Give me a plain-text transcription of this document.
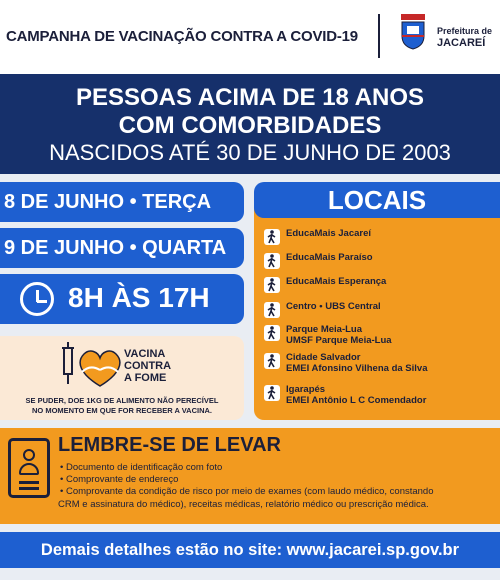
CAMPANHA DE VACINAÇÃO CONTRA A COVID-19	Prefeitura de
JACAREÍ
PESSOAS ACIMA DE 18 ANOS
COM COMORBIDADES
NASCIDOS ATÉ 30 DE JUNHO DE 2003
8 DE JUNHO • TERÇA
9 DE JUNHO • QUARTA
8H ÀS 17H
VACINA
CONTRA
A FOME
SE PUDER, DOE 1KG DE ALIMENTO NÃO PERECÍVEL
NO MOMENTO EM QUE FOR RECEBER A VACINA.
EducaMais Jacareí
EducaMais Paraíso
EducaMais Esperança
Centro • UBS Central
Parque Meia-Lua
UMSF Parque Meia-Lua
Cidade Salvador
EMEI Afonsino Vilhena da Silva
Igarapés
EMEI Antônio L C Comendador
LOCAIS
LEMBRE-SE DE LEVAR
• Documento de identificação com foto
• Comprovante de endereço
• Comprovante da condição de risco por meio de exames (com laudo médico, constando
CRM e assinatura do médico), receitas médicas, relatório médico ou prescrição médica.
Demais detalhes estão no site: www.jacarei.sp.gov.br
